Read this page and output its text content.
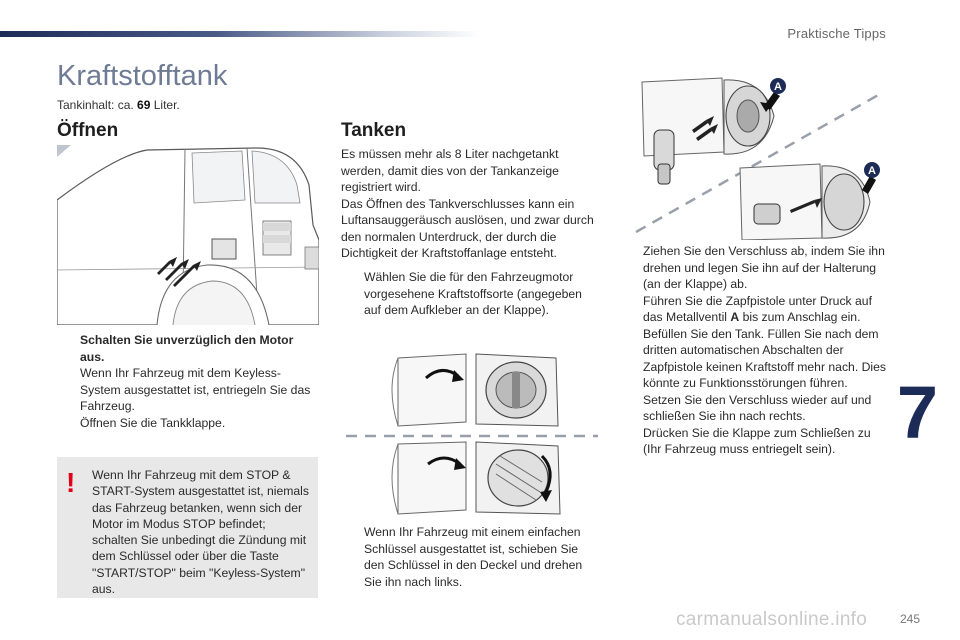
Praktische Tipps
7
245
carmanualsonline.info
Kraftstofftank
Tankinhalt: ca. 69 Liter.
Öffnen	Tanken
Schalten Sie unverzüglich den Motor aus.
Wenn Ihr Fahrzeug mit dem Keyless-System ausgestattet ist, entriegeln Sie das Fahrzeug.
Öffnen Sie die Tankklappe.
! Wenn Ihr Fahrzeug mit dem STOP & START-System ausgestattet ist, niemals das Fahrzeug betanken, wenn sich der Motor im Modus STOP befindet; schalten Sie unbedingt die Zündung mit dem Schlüssel oder über die Taste "START/STOP" beim "Keyless-System" aus.

Es müssen mehr als 8 Liter nachgetankt werden, damit dies von der Tankanzeige registriert wird.

Das Öffnen des Tankverschlusses kann ein Luftansauggeräusch auslösen, und zwar durch den normalen Unterdruck, der durch die Dichtigkeit der Kraftstoffanlage entsteht.

Wählen Sie die für den Fahrzeugmotor vorgesehene Kraftstoffsorte (angegeben auf dem Aufkleber an der Klappe).
Wenn Ihr Fahrzeug mit einem einfachen Schlüssel ausgestattet ist, schieben Sie den Schlüssel in den Deckel und drehen Sie ihn nach links.
A
A
Ziehen Sie den Verschluss ab, indem Sie ihn drehen und legen Sie ihn auf der Halterung (an der Klappe) ab.
Führen Sie die Zapfpistole unter Druck auf das Metallventil A bis zum Anschlag ein.
Befüllen Sie den Tank. Füllen Sie nach dem dritten automatischen Abschalten der Zapfpistole keinen Kraftstoff mehr nach. Dies könnte zu Funktionsstörungen führen.
Setzen Sie den Verschluss wieder auf und schließen Sie ihn nach rechts.
Drücken Sie die Klappe zum Schließen zu (Ihr Fahrzeug muss entriegelt sein).
